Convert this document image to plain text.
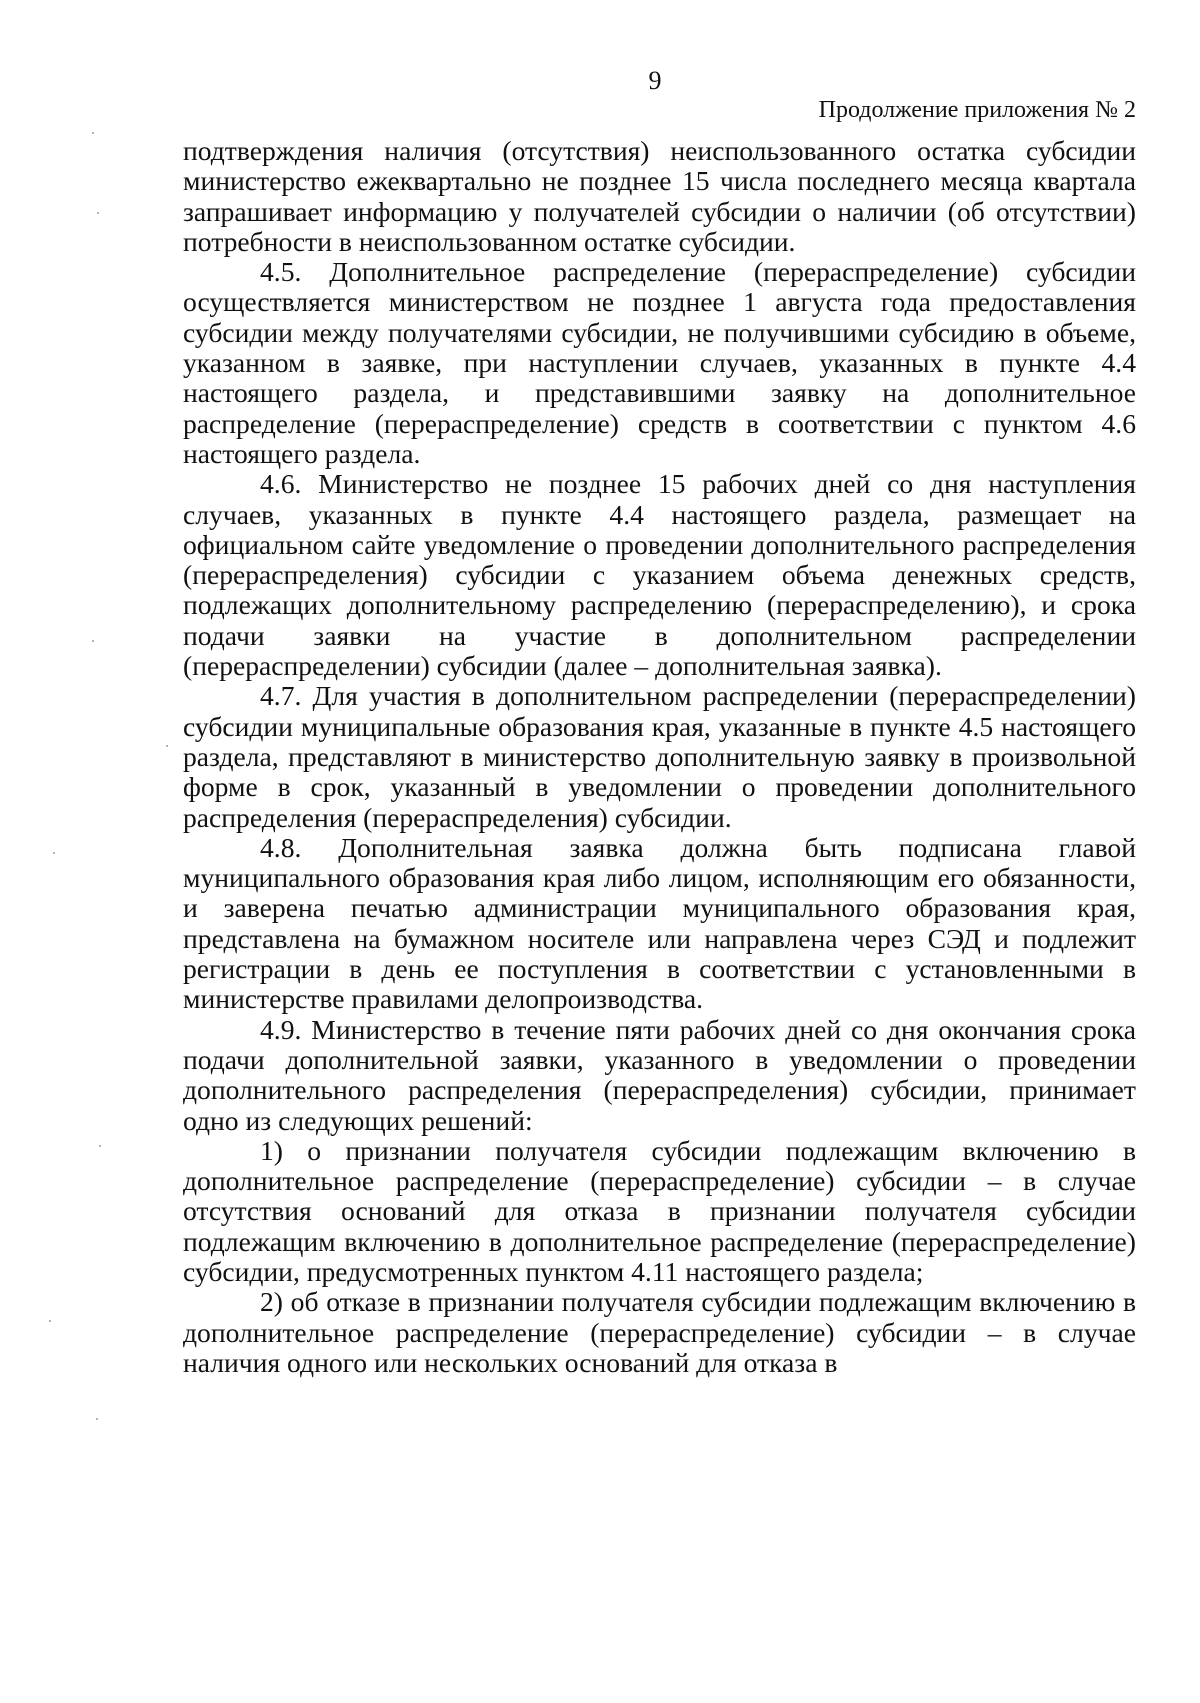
9
Продолжение приложения № 2

подтверждения наличия (отсутствия) неиспользованного остатка субсидии министерство ежеквартально не позднее 15 числа последнего месяца квартала запрашивает информацию у получателей субсидии о наличии (об отсутствии) потребности в неиспользованном остатке субсидии.

4.5. Дополнительное распределение (перераспределение) субсидии осуществляется министерством не позднее 1 августа года предоставления субсидии между получателями субсидии, не получившими субсидию в объеме, указанном в заявке, при наступлении случаев, указанных в пункте 4.4 настоящего раздела, и представившими заявку на дополнительное распределение (перераспределение) средств в соответствии с пунктом 4.6 настоящего раздела.

4.6. Министерство не позднее 15 рабочих дней со дня наступления случаев, указанных в пункте 4.4 настоящего раздела, размещает на официальном сайте уведомление о проведении дополнительного распределения (перераспределения) субсидии с указанием объема денежных средств, подлежащих дополнительному распределению (перераспределению), и срока подачи заявки на участие в дополнительном распределении (перераспределении) субсидии (далее – дополнительная заявка).

4.7. Для участия в дополнительном распределении (перераспределении) субсидии муниципальные образования края, указанные в пункте 4.5 настоящего раздела, представляют в министерство дополнительную заявку в произвольной форме в срок, указанный в уведомлении о проведении дополнительного распределения (перераспределения) субсидии.

4.8. Дополнительная заявка должна быть подписана главой муниципального образования края либо лицом, исполняющим его обязанности, и заверена печатью администрации муниципального образования края, представлена на бумажном носителе или направлена через СЭД и подлежит регистрации в день ее поступления в соответствии с установленными в министерстве правилами делопроизводства.

4.9. Министерство в течение пяти рабочих дней со дня окончания срока подачи дополнительной заявки, указанного в уведомлении о проведении дополнительного распределения (перераспределения) субсидии, принимает одно из следующих решений:

1) о признании получателя субсидии подлежащим включению в дополнительное распределение (перераспределение) субсидии – в случае отсутствия оснований для отказа в признании получателя субсидии подлежащим включению в дополнительное распределение (перераспределение) субсидии, предусмотренных пунктом 4.11 настоящего раздела;

2) об отказе в признании получателя субсидии подлежащим включению в дополнительное распределение (перераспределение) субсидии – в случае наличия одного или нескольких оснований для отказа в
